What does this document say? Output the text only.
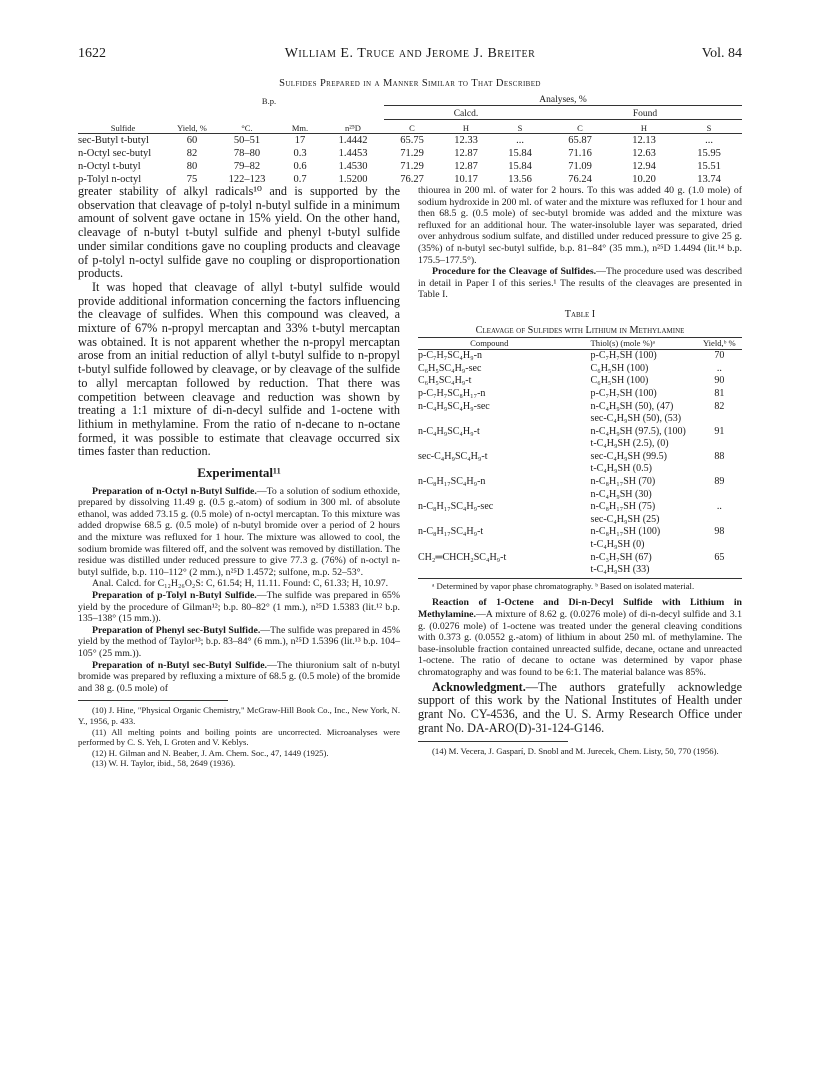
1622	William E. Truce and Jerome J. Breiter	Vol. 84
Sulfides Prepared in a Manner Similar to That Described
		B.p.			Analyses, %					
					Calcd.			Found		
Sulfide	Yield, %	°C.	Mm.	n²⁵D	C	H	S	C	H	S
sec-Butyl t-butyl	60	50–51	17	1.4442	65.75	12.33	...	65.87	12.13	...
n-Octyl sec-butyl	82	78–80	0.3	1.4453	71.29	12.87	15.84	71.16	12.63	15.95
n-Octyl t-butyl	80	79–82	0.6	1.4530	71.29	12.87	15.84	71.09	12.94	15.51
p-Tolyl n-octyl	75	122–123	0.7	1.5200	76.27	10.17	13.56	76.24	10.20	13.74

greater stability of alkyl radicals¹⁰ and is supported by the observation that cleavage of p-tolyl n-butyl sulfide in a minimum amount of solvent gave octane in 15% yield. On the other hand, cleavage of n-butyl t-butyl sulfide and phenyl t-butyl sulfide under similar conditions gave no coupling products and cleavage of p-tolyl n-octyl sulfide gave no coupling or disproportionation products.

It was hoped that cleavage of allyl t-butyl sulfide would provide additional information concerning the factors influencing the cleavage of sulfides. When this compound was cleaved, a mixture of 67% n-propyl mercaptan and 33% t-butyl mercaptan was obtained. It is not apparent whether the n-propyl mercaptan arose from an initial reduction of allyl t-butyl sulfide to n-propyl t-butyl sulfide followed by cleavage, or by cleavage of the sulfide to allyl mercaptan followed by reduction. That there was competition between cleavage and reduction was shown by treating a 1:1 mixture of di-n-decyl sulfide and 1-octene with lithium in methylamine. From the ratio of n-decane to n-octane formed, it was possible to estimate that cleavage occurred six times faster than reduction.

Experimental¹¹

Preparation of n-Octyl n-Butyl Sulfide.—To a solution of sodium ethoxide, prepared by dissolving 11.49 g. (0.5 g.-atom) of sodium in 300 ml. of absolute ethanol, was added 73.15 g. (0.5 mole) of n-octyl mercaptan. To this mixture was added dropwise 68.5 g. (0.5 mole) of n-butyl bromide over a period of 2 hours and the mixture was refluxed for 1 hour. The mixture was allowed to cool, the sodium bromide was filtered off, and the solvent was removed by distillation. The residue was distilled under reduced pressure to give 77.3 g. (76%) of n-octyl n-butyl sulfide, b.p. 110–112° (2 mm.), n²⁵D 1.4572; sulfone, m.p. 52–53°.

Anal. Calcd. for C₁₂H₂₆O₂S: C, 61.54; H, 11.11. Found: C, 61.33; H, 10.97.

Preparation of p-Tolyl n-Butyl Sulfide.—The sulfide was prepared in 65% yield by the procedure of Gilman¹²; b.p. 80–82° (1 mm.), n²⁵D 1.5383 (lit.¹² b.p. 135–138° (15 mm.)).

Preparation of Phenyl sec-Butyl Sulfide.—The sulfide was prepared in 45% yield by the method of Taylor¹³; b.p. 83–84° (6 mm.), n²⁵D 1.5396 (lit.¹³ b.p. 104–105° (25 mm.)).

Preparation of n-Butyl sec-Butyl Sulfide.—The thiuronium salt of n-butyl bromide was prepared by refluxing a mixture of 68.5 g. (0.5 mole) of the bromide and 38 g. (0.5 mole) of

(10) J. Hine, "Physical Organic Chemistry," McGraw-Hill Book Co., Inc., New York, N. Y., 1956, p. 433.
(11) All melting points and boiling points are uncorrected. Microanalyses were performed by C. S. Yeh, I. Groten and V. Keblys.
(12) H. Gilman and N. Beaber, J. Am. Chem. Soc., 47, 1449 (1925).
(13) W. H. Taylor, ibid., 58, 2649 (1936).

thiourea in 200 ml. of water for 2 hours. To this was added 40 g. (1.0 mole) of sodium hydroxide in 200 ml. of water and the mixture was refluxed for 1 hour and then 68.5 g. (0.5 mole) of sec-butyl bromide was added and the mixture was refluxed for an additional hour. The water-insoluble layer was separated, dried over anhydrous sodium sulfate, and distilled under reduced pressure to give 25 g. (35%) of n-butyl sec-butyl sulfide, b.p. 81–84° (35 mm.), n²⁵D 1.4494 (lit.¹⁴ b.p. 175.5–177.5°).

Procedure for the Cleavage of Sulfides.—The procedure used was described in detail in Paper I of this series.¹ The results of the cleavages are presented in Table I.

Table I
Cleavage of Sulfides with Lithium in Methylamine
Compound	Thiol(s) (mole %)ᵃ	Yield,ᵇ %
p-C₇H₇SC₄H₉-n	p-C₇H₇SH (100)	70
C₆H₅SC₄H₉-sec	C₆H₅SH (100)	..
C₆H₅SC₄H₉-t	C₆H₅SH (100)	90
p-C₇H₇SC₈H₁₇-n	p-C₇H₇SH (100)	81
n-C₄H₉SC₄H₉-sec	n-C₄H₉SH (50), (47)	82
	sec-C₄H₉SH (50), (53)	
n-C₄H₉SC₄H₉-t	n-C₄H₉SH (97.5), (100)	91
	t-C₄H₉SH (2.5), (0)	
sec-C₄H₉SC₄H₉-t	sec-C₄H₉SH (99.5)	88
	t-C₄H₉SH (0.5)	
n-C₈H₁₇SC₄H₉-n	n-C₈H₁₇SH (70)	89
	n-C₄H₉SH (30)	
n-C₈H₁₇SC₄H₉-sec	n-C₈H₁₇SH (75)	..
	sec-C₄H₉SH (25)	
n-C₈H₁₇SC₄H₉-t	n-C₈H₁₇SH (100)	98
	t-C₄H₉SH (0)	
CH₂═CHCH₂SC₄H₉-t	n-C₃H₇SH (67)	65
	t-C₄H₉SH (33)	
ᵃ Determined by vapor phase chromatography. ᵇ Based on isolated material.

Reaction of 1-Octene and Di-n-Decyl Sulfide with Lithium in Methylamine.—A mixture of 8.62 g. (0.0276 mole) of di-n-decyl sulfide and 3.1 g. (0.0276 mole) of 1-octene was treated under the general cleaving conditions with 0.373 g. (0.0552 g.-atom) of lithium in about 250 ml. of methylamine. The base-insoluble fraction contained unreacted sulfide, decane, octane and unreacted 1-octene. The ratio of decane to octane was determined by vapor phase chromatography and was found to be 6:1. The material balance was 85%.

Acknowledgment.—The authors gratefully acknowledge support of this work by the National Institutes of Health under grant No. CY-4536, and the U. S. Army Research Office under grant No. DA-ARO(D)-31-124-G146.

(14) M. Vecera, J. Gasparí, D. Snobl and M. Jurecek, Chem. Listy, 50, 770 (1956).
